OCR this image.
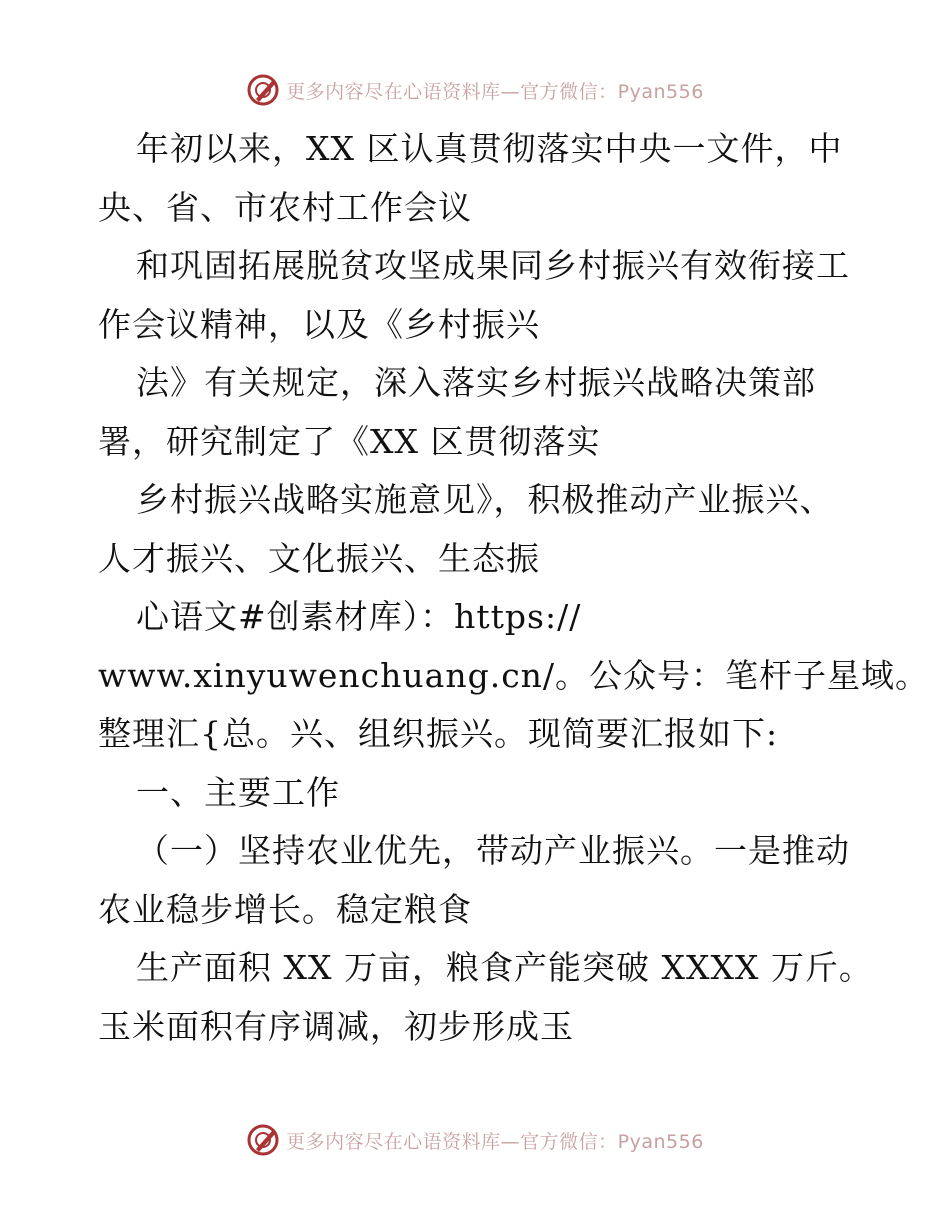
更多内容尽在心语资料库—官方微信：Pyan556
年初以来，XX 区认真贯彻落实中央一文件，中
央、省、市农村工作会议
和巩固拓展脱贫攻坚成果同乡村振兴有效衔接工
作会议精神，以及《乡村振兴
法》有关规定，深入落实乡村振兴战略决策部
署，研究制定了《XX 区贯彻落实
乡村振兴战略实施意见》，积极推动产业振兴、
人才振兴、文化振兴、生态振
心语文#创素材库）：https://
www.xinyuwenchuang.cn/。公众号：笔杆子星域。
整理汇{总。兴、组织振兴。现简要汇报如下:
一、主要工作
（一）坚持农业优先，带动产业振兴。一是推动
农业稳步增长。稳定粮食
生产面积 XX 万亩，粮食产能突破 XXXX 万斤。
玉米面积有序调减，初步形成玉
更多内容尽在心语资料库—官方微信：Pyan556
